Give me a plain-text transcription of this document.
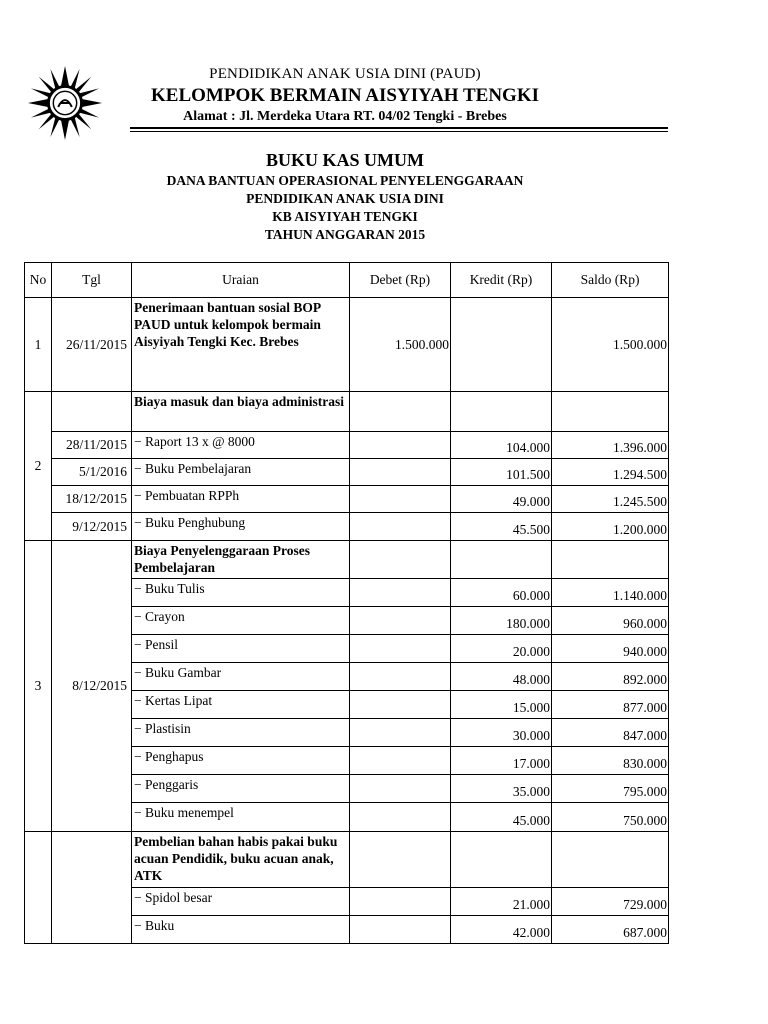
PENDIDIKAN ANAK USIA DINI (PAUD)
KELOMPOK BERMAIN AISYIYAH TENGKI
Alamat : Jl. Merdeka Utara RT. 04/02 Tengki - Brebes
BUKU KAS UMUM
DANA BANTUAN OPERASIONAL PENYELENGGARAAN
PENDIDIKAN ANAK USIA DINI
KB AISYIYAH TENGKI
TAHUN ANGGARAN 2015
No	Tgl	Uraian	Debet (Rp)	Kredit (Rp)	Saldo (Rp)
1	26/11/2015	Penerimaan bantuan sosial BOP PAUD untuk kelompok bermain Aisyiyah Tengki Kec. Brebes	1.500.000		1.500.000
2		Biaya masuk dan biaya administrasi			
	28/11/2015	− Raport 13 x @ 8000		104.000	1.396.000
	5/1/2016	− Buku Pembelajaran		101.500	1.294.500
	18/12/2015	− Pembuatan RPPh		49.000	1.245.500
	9/12/2015	− Buku Penghubung		45.500	1.200.000
3	8/12/2015	Biaya Penyelenggaraan Proses Pembelajaran			
		− Buku Tulis		60.000	1.140.000
		− Crayon		180.000	960.000
		− Pensil		20.000	940.000
		− Buku Gambar		48.000	892.000
		− Kertas Lipat		15.000	877.000
		− Plastisin		30.000	847.000
		− Penghapus		17.000	830.000
		− Penggaris		35.000	795.000
		− Buku menempel		45.000	750.000
		Pembelian bahan habis pakai buku acuan Pendidik, buku acuan anak, ATK			
		− Spidol besar		21.000	729.000
		− Buku		42.000	687.000
